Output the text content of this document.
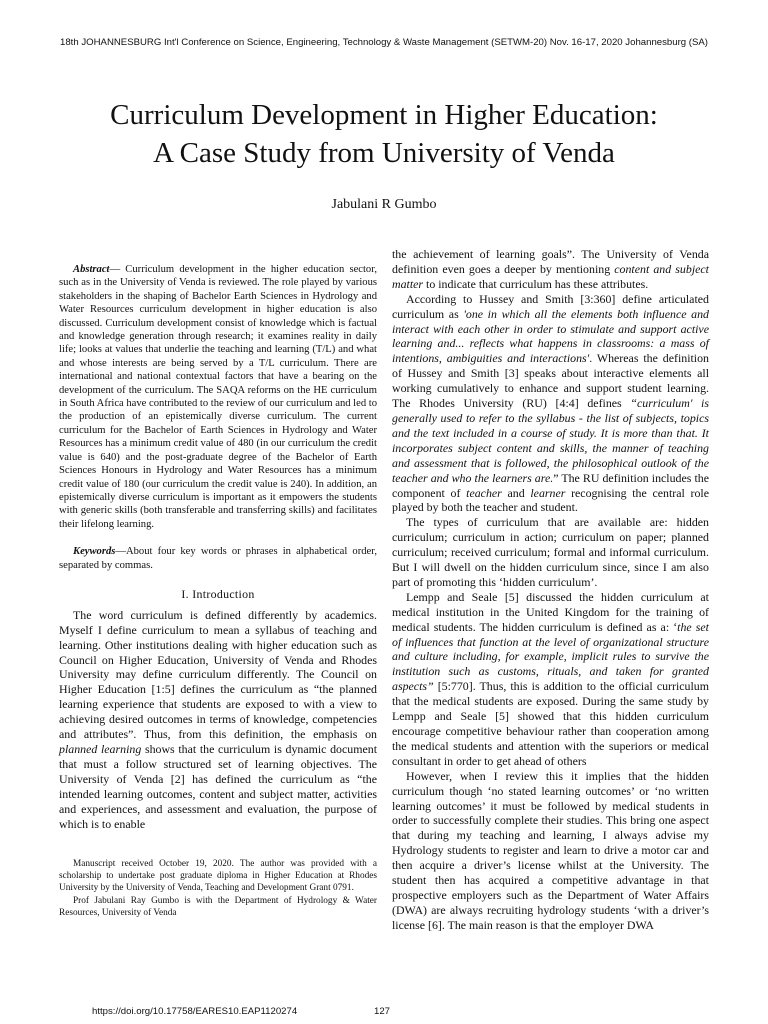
18th JOHANNESBURG Int'l Conference on Science, Engineering, Technology & Waste Management (SETWM-20) Nov. 16-17, 2020 Johannesburg (SA)
Curriculum Development in Higher Education:
A Case Study from University of Venda
Jabulani R Gumbo

Abstract— Curriculum development in the higher education sector, such as in the University of Venda is reviewed. The role played by various stakeholders in the shaping of Bachelor Earth Sciences in Hydrology and Water Resources curriculum development in higher education is also discussed. Curriculum development consist of knowledge which is factual and knowledge generation through research; it examines reality in daily life; looks at values that underlie the teaching and learning (T/L) and what and whose interests are being served by a T/L curriculum. There are international and national contextual factors that have a bearing on the development of the curriculum. The SAQA reforms on the HE curriculum in South Africa have contributed to the review of our curriculum and led to the production of an epistemically diverse curriculum. The current curriculum for the Bachelor of Earth Sciences in Hydrology and Water Resources has a minimum credit value of 480 (in our curriculum the credit value is 640) and the post-graduate degree of the Bachelor of Earth Sciences Honours in Hydrology and Water Resources has a minimum credit value of 180 (our curriculum the credit value is 240). In addition, an epistemically diverse curriculum is important as it empowers the students with generic skills (both transferable and transferring skills) and facilitates their lifelong learning.

Keywords—About four key words or phrases in alphabetical order, separated by commas.

I. Introduction

The word curriculum is defined differently by academics. Myself I define curriculum to mean a syllabus of teaching and learning. Other institutions dealing with higher education such as Council on Higher Education, University of Venda and Rhodes University may define curriculum differently. The Council on Higher Education [1:5] defines the curriculum as “the planned learning experience that students are exposed to with a view to achieving desired outcomes in terms of knowledge, competencies and attributes”. Thus, from this definition, the emphasis on planned learning shows that the curriculum is dynamic document that must a follow structured set of learning objectives. The University of Venda [2] has defined the curriculum as “the intended learning outcomes, content and subject matter, activities and experiences, and assessment and evaluation, the purpose of which is to enable

Manuscript received October 19, 2020. The author was provided with a scholarship to undertake post graduate diploma in Higher Education at Rhodes University by the University of Venda, Teaching and Development Grant 0791.

Prof Jabulani Ray Gumbo is with the Department of Hydrology & Water Resources, University of Venda

the achievement of learning goals”. The University of Venda definition even goes a deeper by mentioning content and subject matter to indicate that curriculum has these attributes.

According to Hussey and Smith [3:360] define articulated curriculum as 'one in which all the elements both influence and interact with each other in order to stimulate and support active learning and... reflects what happens in classrooms: a mass of intentions, ambiguities and interactions'. Whereas the definition of Hussey and Smith [3] speaks about interactive elements all working cumulatively to enhance and support student learning. The Rhodes University (RU) [4:4] defines “curriculum' is generally used to refer to the syllabus - the list of subjects, topics and the text included in a course of study. It is more than that. It incorporates subject content and skills, the manner of teaching and assessment that is followed, the philosophical outlook of the teacher and who the learners are.” The RU definition includes the component of teacher and learner recognising the central role played by both the teacher and student.

The types of curriculum that are available are: hidden curriculum; curriculum in action; curriculum on paper; planned curriculum; received curriculum; formal and informal curriculum. But I will dwell on the hidden curriculum since, since I am also part of promoting this ‘hidden curriculum’.

Lempp and Seale [5] discussed the hidden curriculum at medical institution in the United Kingdom for the training of medical students. The hidden curriculum is defined as a: ‘the set of influences that function at the level of organizational structure and culture including, for example, implicit rules to survive the institution such as customs, rituals, and taken for granted aspects” [5:770]. Thus, this is addition to the official curriculum that the medical students are exposed. During the same study by Lempp and Seale [5] showed that this hidden curriculum encourage competitive behaviour rather than cooperation among the medical students and attention with the superiors or medical consultant in order to get ahead of others

However, when I review this it implies that the hidden curriculum though ‘no stated learning outcomes’ or ‘no written learning outcomes’ it must be followed by medical students in order to successfully complete their studies. This bring one aspect that during my teaching and learning, I always advise my Hydrology students to register and learn to drive a motor car and then acquire a driver’s license whilst at the University. The student then has acquired a competitive advantage in that prospective employers such as the Department of Water Affairs (DWA) are always recruiting hydrology students ‘with a driver’s license [6]. The main reason is that the employer DWA

https://doi.org/10.17758/EARES10.EAP1120274	127
